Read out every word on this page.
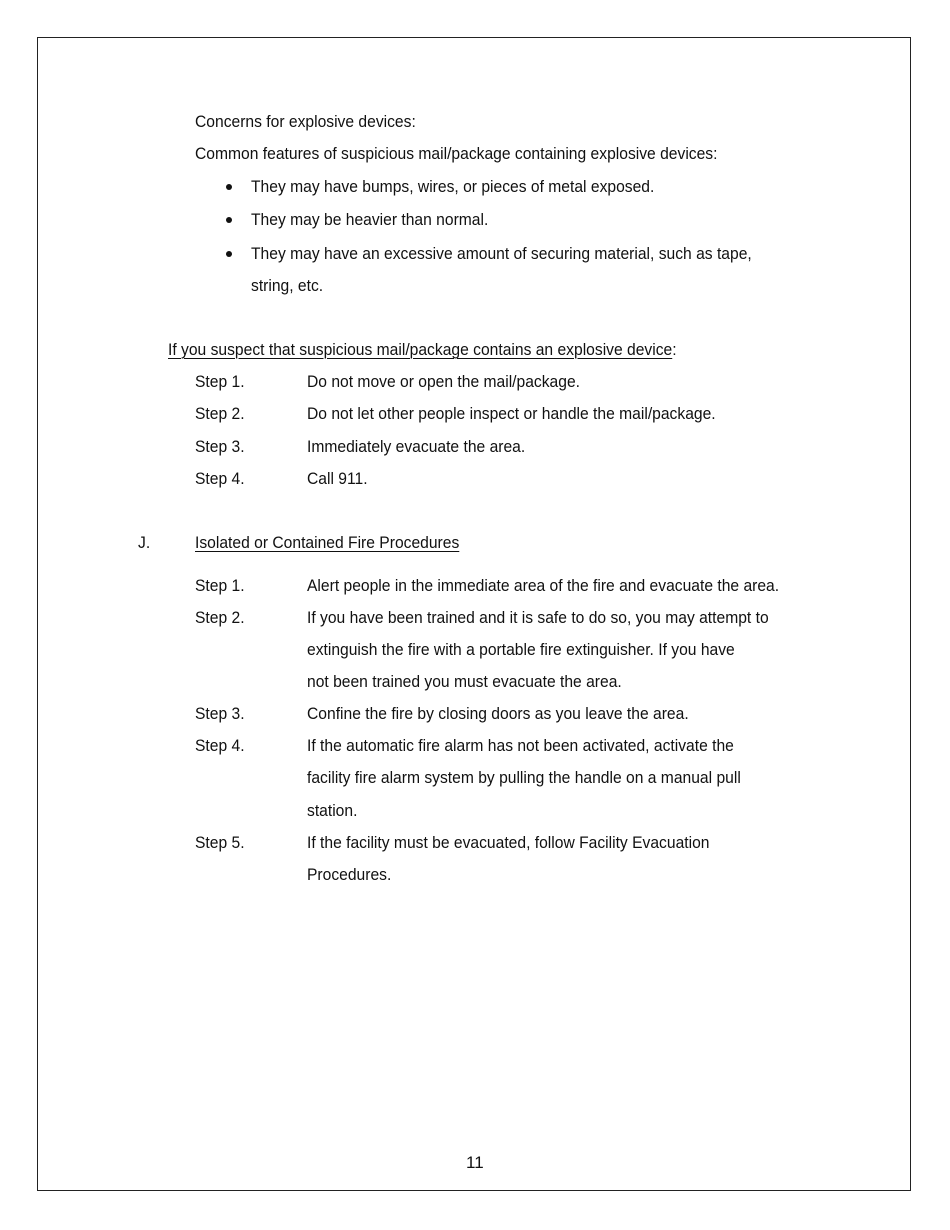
Concerns for explosive devices:
Common features of suspicious mail/package containing explosive devices:
They may have bumps, wires, or pieces of metal exposed.
They may be heavier than normal.
They may have an excessive amount of securing material, such as tape,
string, etc.
If you suspect that suspicious mail/package contains an explosive device:
Step 1.	Do not move or open the mail/package.
Step 2.	Do not let other people inspect or handle the mail/package.
Step 3.	Immediately evacuate the area.
Step 4.	Call 911.
J.	Isolated or Contained Fire Procedures
Step 1.	Alert people in the immediate area of the fire and evacuate the area.
Step 2.	If you have been trained and it is safe to do so, you may attempt to
extinguish the fire with a portable fire extinguisher. If you have
not been trained you must evacuate the area.
Step 3.	Confine the fire by closing doors as you leave the area.
Step 4.	If the automatic fire alarm has not been activated, activate the
facility fire alarm system by pulling the handle on a manual pull
station.
Step 5.	If the facility must be evacuated, follow Facility Evacuation
Procedures.
11
